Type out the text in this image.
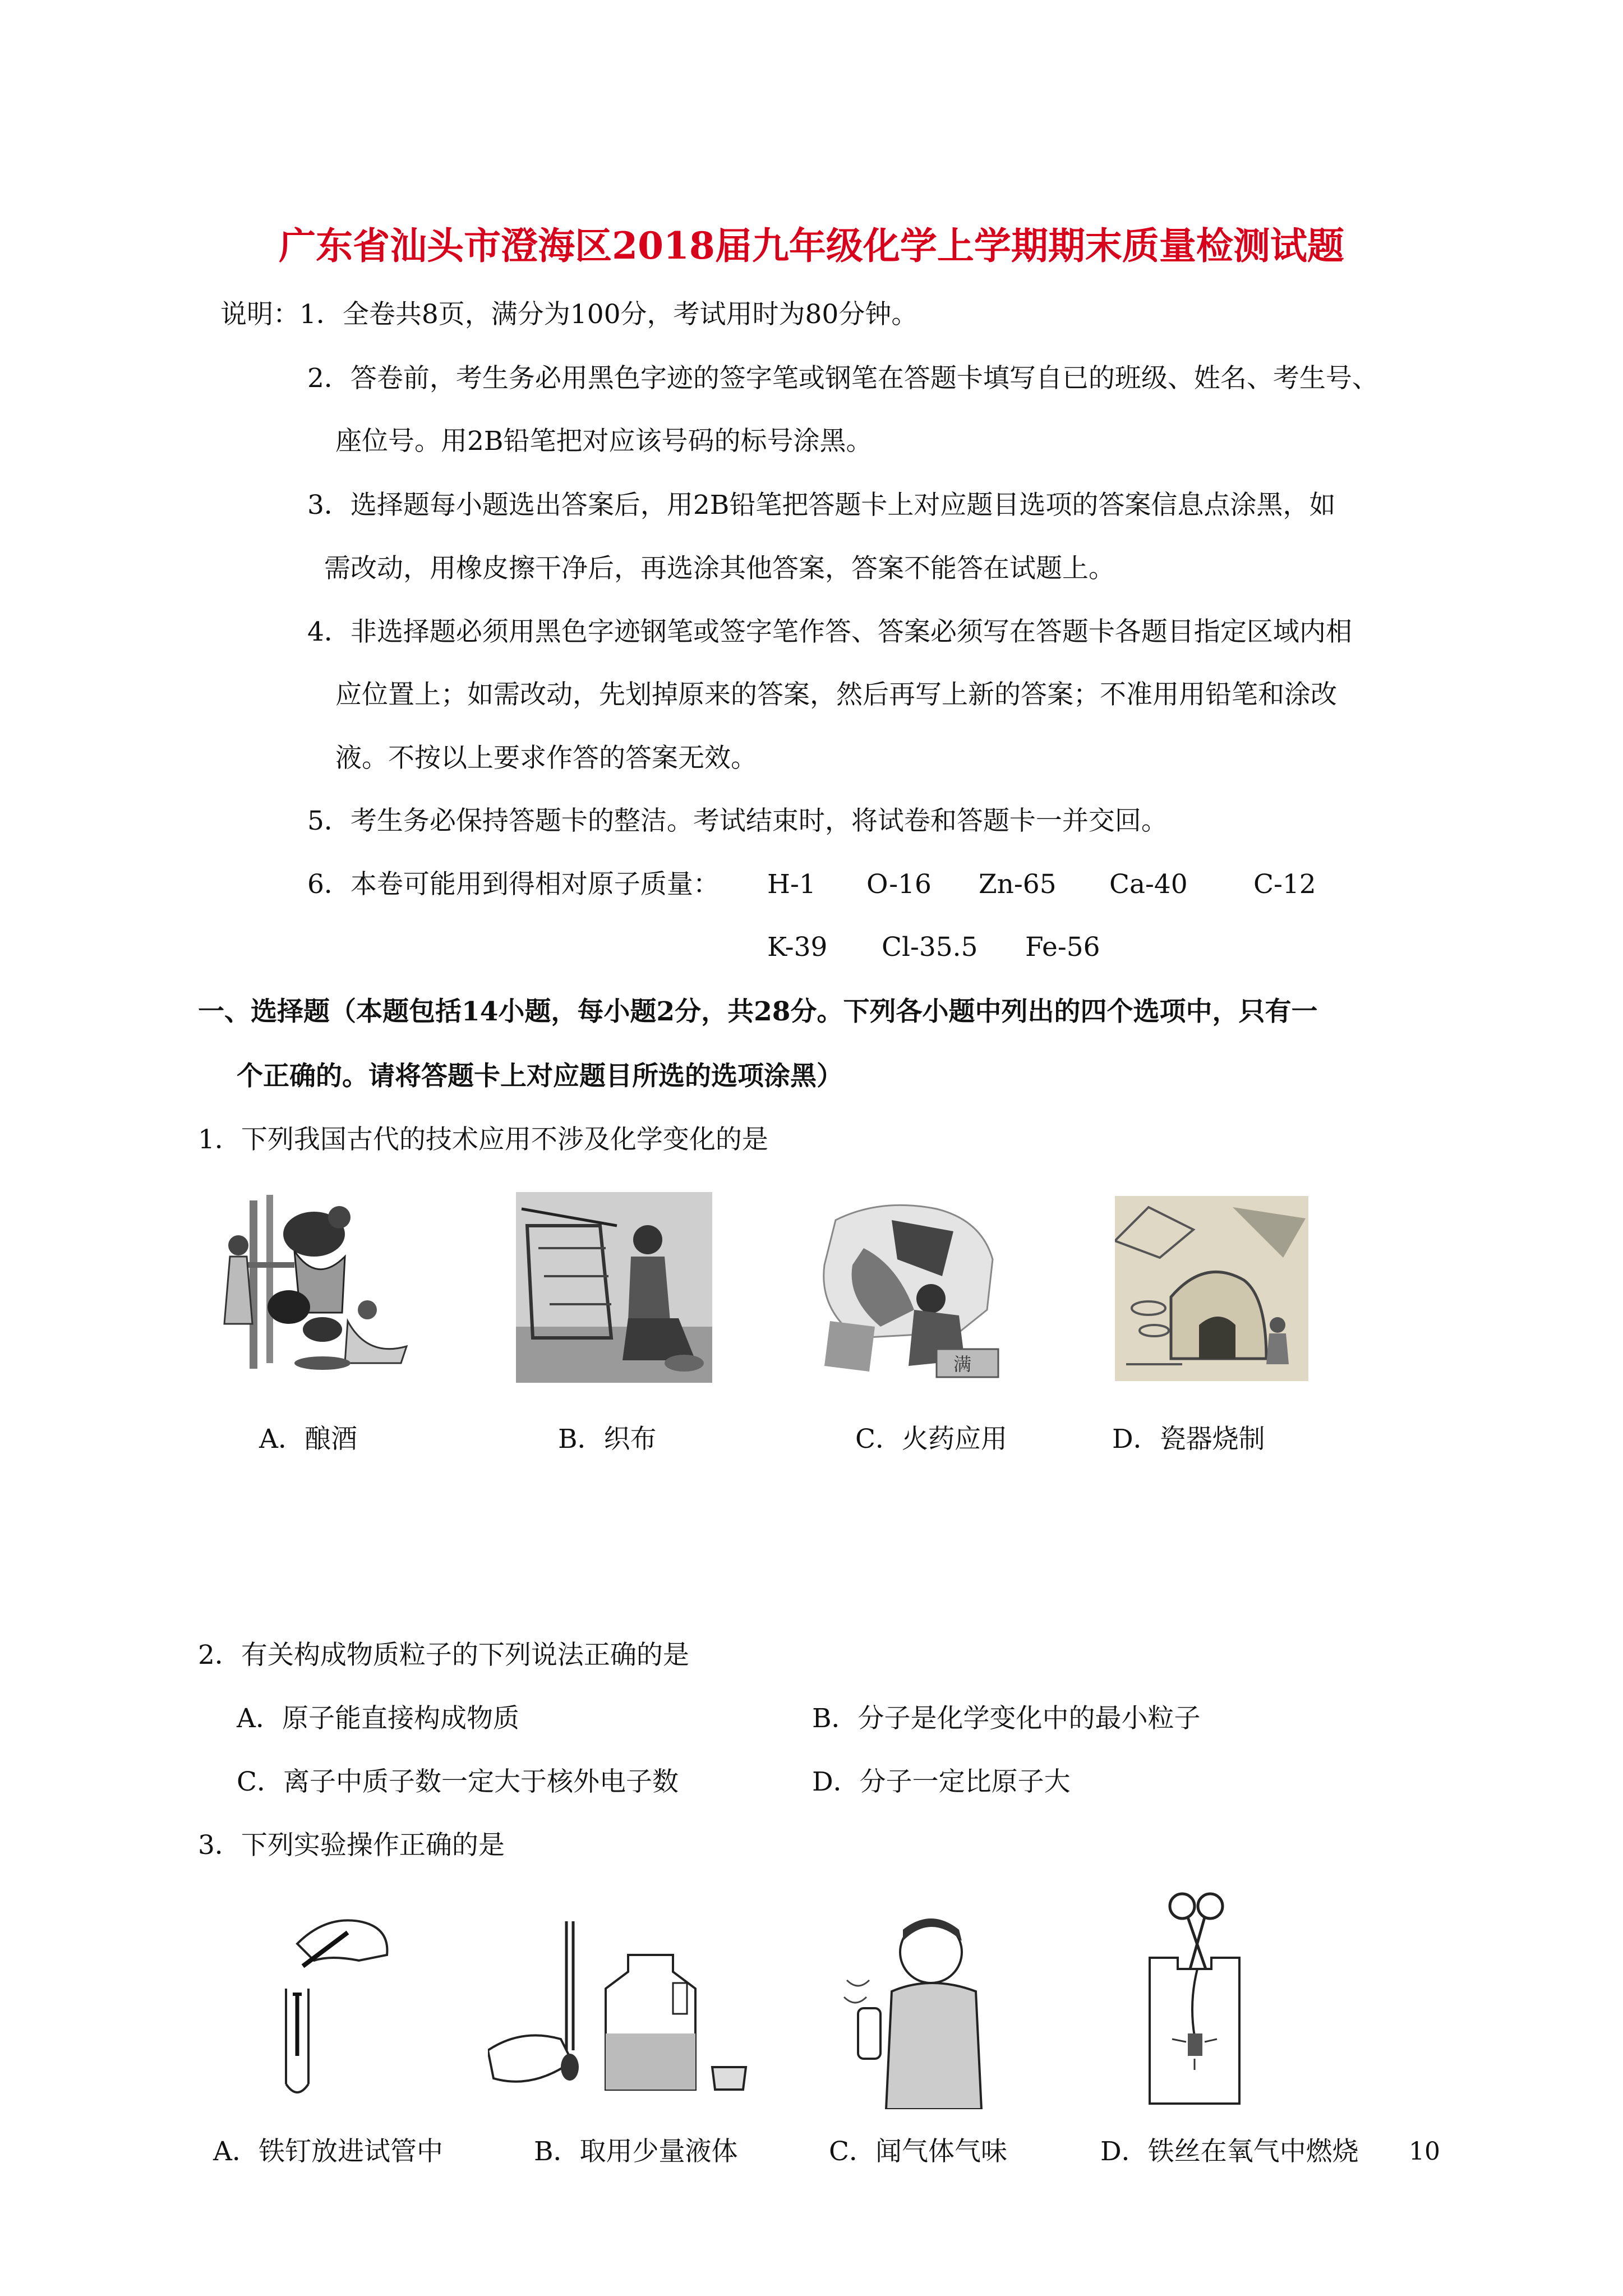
广东省汕头市澄海区2018届九年级化学上学期期末质量检测试题
说明：1．全卷共8页，满分为100分，考试用时为80分钟。
2．答卷前，考生务必用黑色字迹的签字笔或钢笔在答题卡填写自已的班级、姓名、考生号、
座位号。用2B铅笔把对应该号码的标号涂黑。
3．选择题每小题选出答案后，用2B铅笔把答题卡上对应题目选项的答案信息点涂黑，如
需改动，用橡皮擦干净后，再选涂其他答案，答案不能答在试题上。
4．非选择题必须用黑色字迹钢笔或签字笔作答、答案必须写在答题卡各题目指定区域内相
应位置上；如需改动，先划掉原来的答案，然后再写上新的答案；不准用用铅笔和涂改
液。不按以上要求作答的答案无效。
5．考生务必保持答题卡的整洁。考试结束时，将试卷和答题卡一并交回。
6．本卷可能用到得相对原子质量： H-1 O-16 Zn-65 Ca-40 C-12
K-39 Cl-35.5 Fe-56
一、选择题（本题包括14小题，每小题2分，共28分。下列各小题中列出的四个选项中，只有一
个正确的。请将答题卡上对应题目所选的选项涂黑）
1．下列我国古代的技术应用不涉及化学变化的是
满
A．酿酒	B．织布	C．火药应用	D．瓷器烧制
2．有关构成物质粒子的下列说法正确的是
A．原子能直接构成物质	B．分子是化学变化中的最小粒子
C．离子中质子数一定大于核外电子数	D．分子一定比原子大
3．下列实验操作正确的是
A．铁钉放进试管中	B．取用少量液体	C．闻气体气味	D．铁丝在氧气中燃烧 10
